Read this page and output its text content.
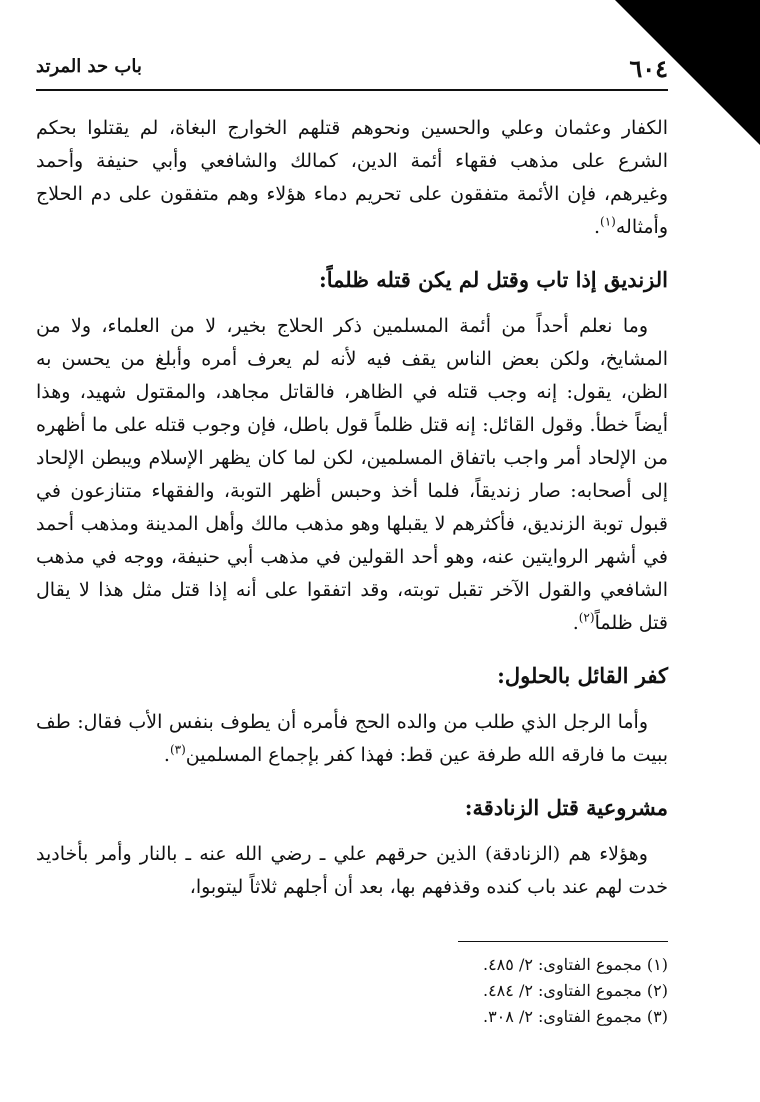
٦٠٤
باب حد المرتد

الكفار وعثمان وعلي والحسين ونحوهم قتلهم الخوارج البغاة، لم يقتلوا بحكم الشرع على مذهب فقهاء أئمة الدين، كمالك والشافعي وأبي حنيفة وأحمد وغيرهم، فإن الأئمة متفقون على تحريم دماء هؤلاء وهم متفقون على دم الحلاج وأمثاله$^{(١)}$.

الزنديق إذا تاب وقتل لم يكن قتله ظلماً:

وما نعلم أحداً من أئمة المسلمين ذكر الحلاج بخير، لا من العلماء، ولا من المشايخ، ولكن بعض الناس يقف فيه لأنه لم يعرف أمره وأبلغ من يحسن به الظن، يقول: إنه وجب قتله في الظاهر، فالقاتل مجاهد، والمقتول شهيد، وهذا أيضاً خطأ. وقول القائل: إنه قتل ظلماً قول باطل، فإن وجوب قتله على ما أظهره من الإلحاد أمر واجب باتفاق المسلمين، لكن لما كان يظهر الإسلام ويبطن الإلحاد إلى أصحابه: صار زنديقاً، فلما أخذ وحبس أظهر التوبة، والفقهاء متنازعون في قبول توبة الزنديق، فأكثرهم لا يقبلها وهو مذهب مالك وأهل المدينة ومذهب أحمد في أشهر الروايتين عنه، وهو أحد القولين في مذهب أبي حنيفة، ووجه في مذهب الشافعي والقول الآخر تقبل توبته، وقد اتفقوا على أنه إذا قتل مثل هذا لا يقال قتل ظلماً$^{(٢)}$.

كفر القائل بالحلول:

وأما الرجل الذي طلب من والده الحج فأمره أن يطوف بنفس الأب فقال: طف ببيت ما فارقه الله طرفة عين قط: فهذا كفر بإجماع المسلمين$^{(٣)}$.

مشروعية قتل الزنادقة:

وهؤلاء هم (الزنادقة) الذين حرقهم علي ـ رضي الله عنه ـ بالنار وأمر بأخاديد خدت لهم عند باب كنده وقذفهم بها، بعد أن أجلهم ثلاثاً ليتوبوا،

(١) مجموع الفتاوى: ٢/ ٤٨٥.

(٢) مجموع الفتاوى: ٢/ ٤٨٤.

(٣) مجموع الفتاوى: ٢/ ٣٠٨.
